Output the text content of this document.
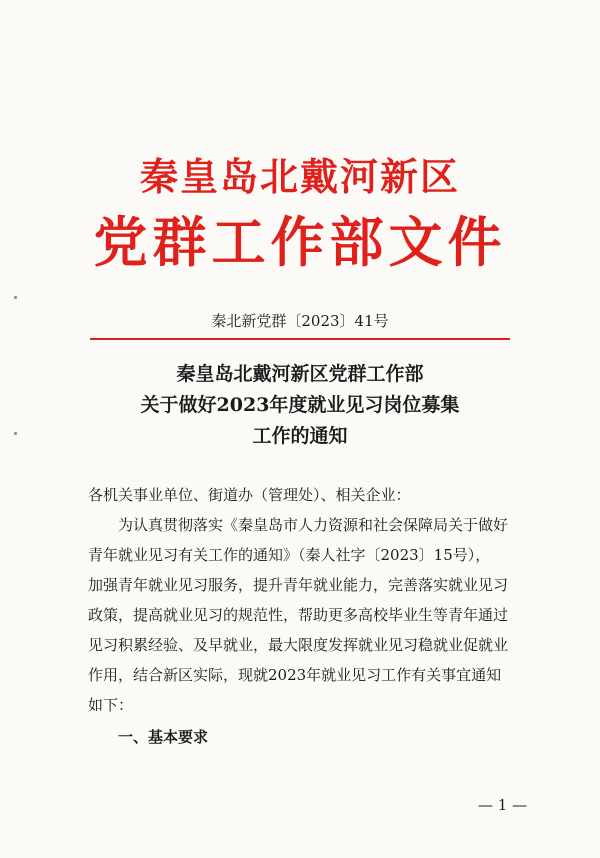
秦皇岛北戴河新区
党群工作部文件
秦北新党群〔2023〕41号
秦皇岛北戴河新区党群工作部
关于做好2023年度就业见习岗位募集
工作的通知
各机关事业单位、街道办（管理处）、相关企业：
为认真贯彻落实《秦皇岛市人力资源和社会保障局关于做好
青年就业见习有关工作的通知》（秦人社字〔2023〕15号），
加强青年就业见习服务，提升青年就业能力，完善落实就业见习
政策，提高就业见习的规范性，帮助更多高校毕业生等青年通过
见习积累经验、及早就业，最大限度发挥就业见习稳就业促就业
作用，结合新区实际，现就2023年就业见习工作有关事宜通知
如下：
一、基本要求
— 1 —
